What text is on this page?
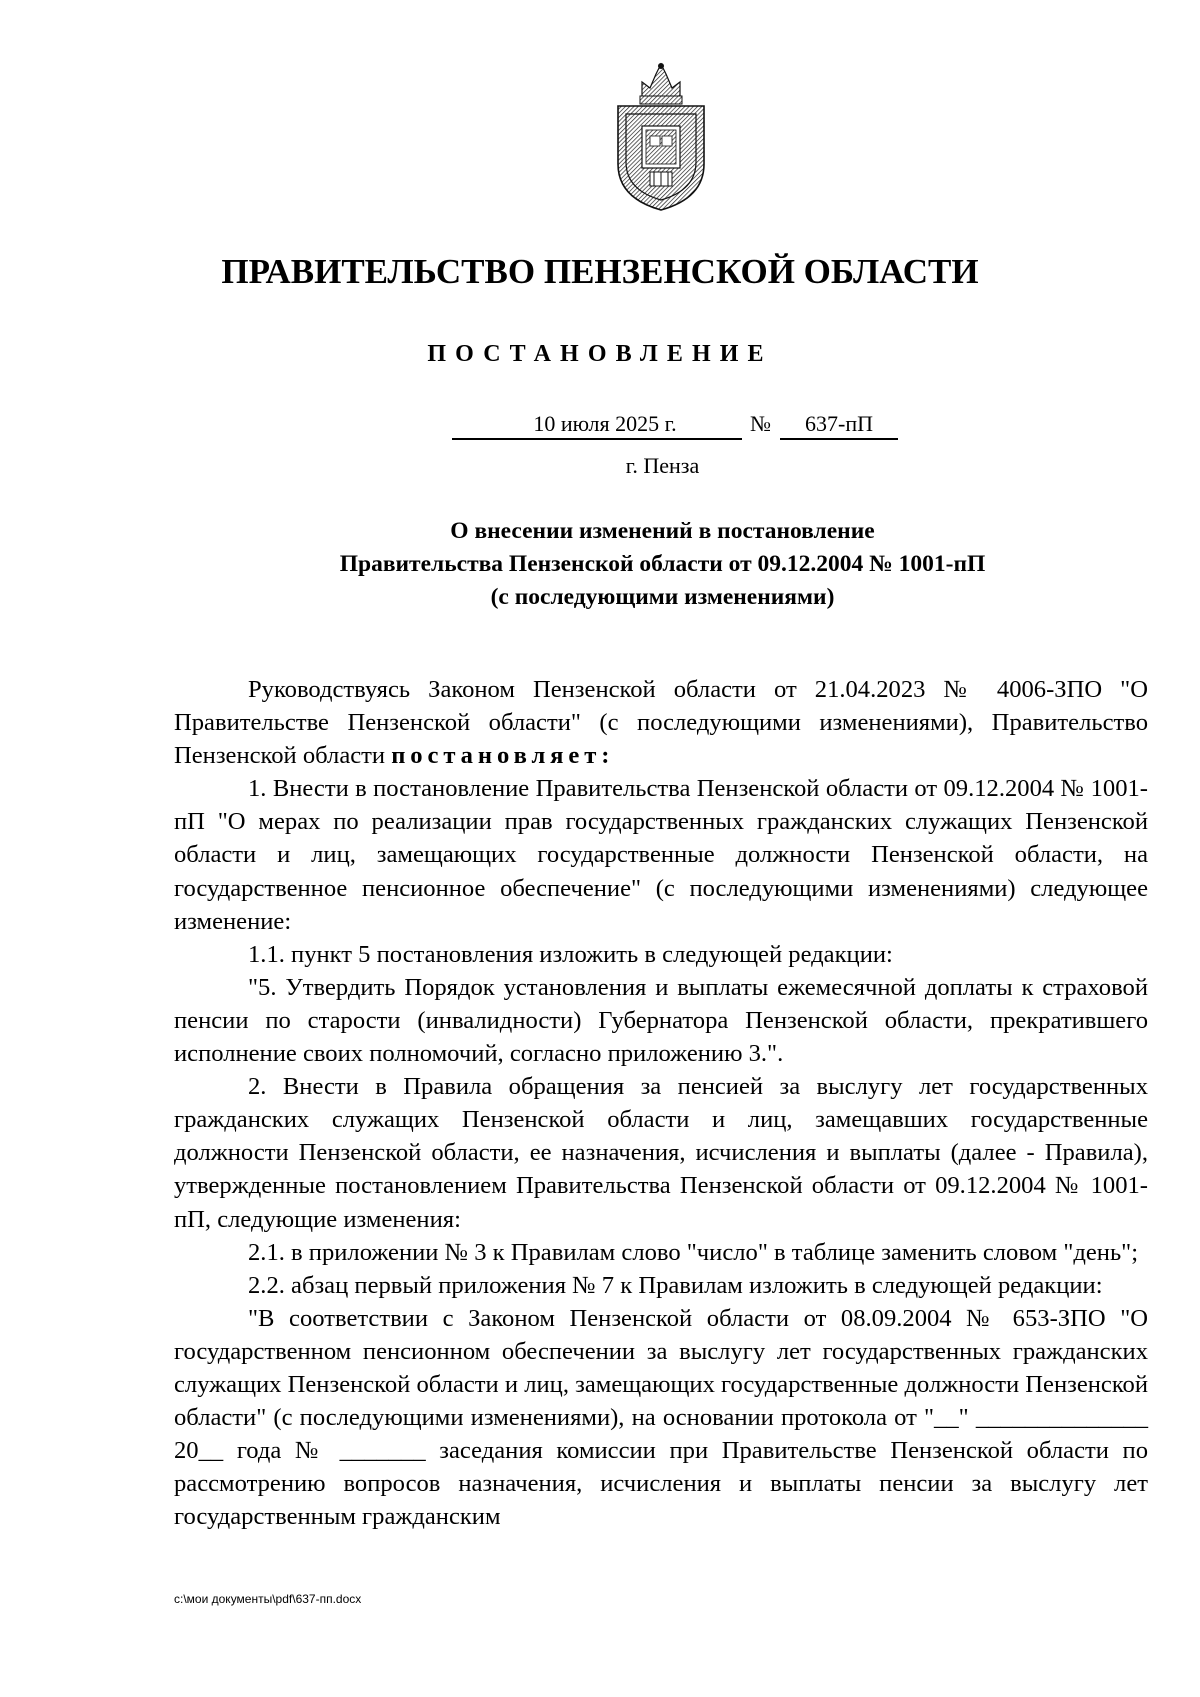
ПРАВИТЕЛЬСТВО ПЕНЗЕНСКОЙ ОБЛАСТИ
ПОСТАНОВЛЕНИЕ
10 июля 2025 г.	№	637-пП
г. Пенза
О внесении изменений в постановление
Правительства Пензенской области от 09.12.2004 № 1001-пП
(с последующими изменениями)

Руководствуясь Законом Пензенской области от 21.04.2023 № 4006-ЗПО "О Правительстве Пензенской области" (с последующими изменениями), Правительство Пензенской области постановляет:

1. Внести в постановление Правительства Пензенской области от 09.12.2004 № 1001-пП "О мерах по реализации прав государственных гражданских служащих Пензенской области и лиц, замещающих государственные должности Пензенской области, на государственное пенсионное обеспечение" (с последующими изменениями) следующее изменение:

1.1. пункт 5 постановления изложить в следующей редакции:

"5. Утвердить Порядок установления и выплаты ежемесячной доплаты к страховой пенсии по старости (инвалидности) Губернатора Пензенской области, прекратившего исполнение своих полномочий, согласно приложению 3.".

2. Внести в Правила обращения за пенсией за выслугу лет государственных гражданских служащих Пензенской области и лиц, замещавших государственные должности Пензенской области, ее назначения, исчисления и выплаты (далее - Правила), утвержденные постановлением Правительства Пензенской области от 09.12.2004 № 1001-пП, следующие изменения:

2.1. в приложении № 3 к Правилам слово "число" в таблице заменить словом "день";

2.2. абзац первый приложения № 7 к Правилам изложить в следующей редакции:

"В соответствии с Законом Пензенской области от 08.09.2004 № 653-ЗПО "О государственном пенсионном обеспечении за выслугу лет государственных гражданских служащих Пензенской области и лиц, замещающих государственные должности Пензенской области" (с последующими изменениями), на основании протокола от "__" ______________ 20__ года № _______ заседания комиссии при Правительстве Пензенской области по рассмотрению вопросов назначения, исчисления и выплаты пенсии за выслугу лет государственным гражданским

c:\мои документы\pdf\637-пп.docx
